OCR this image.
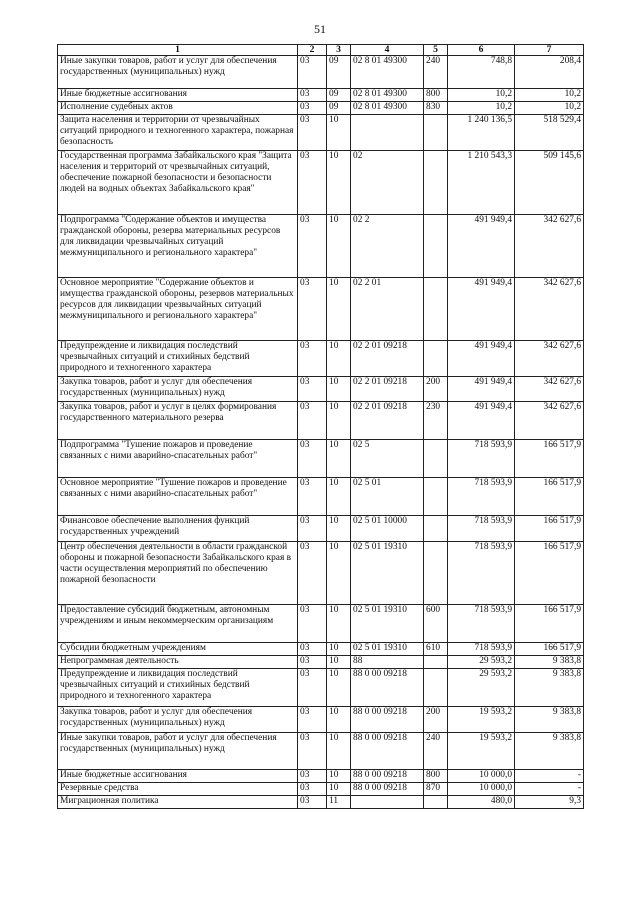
51
1	2	3	4	5	6	7
Иные закупки товаров, работ и услуг для обеспечения государственных (муниципальных) нужд	03	09	02 8 01 49300	240	748,8	208,4
Иные бюджетные ассигнования	03	09	02 8 01 49300	800	10,2	10,2
Исполнение судебных актов	03	09	02 8 01 49300	830	10,2	10,2
Защита населения и территории от чрезвычайных ситуаций природного и техногенного характера, пожарная безопасность	03	10			1 240 136,5	518 529,4
Государственная программа Забайкальского края "Защита населения и территорий от чрезвычайных ситуаций, обеспечение пожарной безопасности и безопасности людей на водных объектах Забайкальского края"	03	10	02		1 210 543,3	509 145,6
Подпрограмма "Содержание объектов и имущества гражданской обороны, резерва материальных ресурсов для ликвидации чрезвычайных ситуаций межмуниципального и регионального характера"	03	10	02 2		491 949,4	342 627,6
Основное мероприятие "Содержание объектов и имущества гражданской обороны, резервов материальных ресурсов для ликвидации чрезвычайных ситуаций межмуниципального и регионального характера"	03	10	02 2 01		491 949,4	342 627,6
Предупреждение и ликвидация последствий чрезвычайных ситуаций и стихийных бедствий природного и техногенного характера	03	10	02 2 01 09218		491 949,4	342 627,6
Закупка товаров, работ и услуг для обеспечения государственных (муниципальных) нужд	03	10	02 2 01 09218	200	491 949,4	342 627,6
Закупка товаров, работ и услуг в целях формирования государственного материального резерва	03	10	02 2 01 09218	230	491 949,4	342 627,6
Подпрограмма "Тушение пожаров и проведение связанных с ними аварийно-спасательных работ"	03	10	02 5		718 593,9	166 517,9
Основное мероприятие "Тушение пожаров и проведение связанных с ними аварийно-спасательных работ"	03	10	02 5 01		718 593,9	166 517,9
Финансовое обеспечение выполнения функций государственных учреждений	03	10	02 5 01 10000		718 593,9	166 517,9
Центр обеспечения деятельности в области гражданской обороны и пожарной безопасности Забайкальского края в части осуществления мероприятий по обеспечению пожарной безопасности	03	10	02 5 01 19310		718 593,9	166 517,9
Предоставление субсидий бюджетным, автономным учреждениям и иным некоммерческим организациям	03	10	02 5 01 19310	600	718 593,9	166 517,9
Субсидии бюджетным учреждениям	03	10	02 5 01 19310	610	718 593,9	166 517,9
Непрограммная деятельность	03	10	88		29 593,2	9 383,8
Предупреждение и ликвидация последствий чрезвычайных ситуаций и стихийных бедствий природного и техногенного характера	03	10	88 0 00 09218		29 593,2	9 383,8
Закупка товаров, работ и услуг для обеспечения государственных (муниципальных) нужд	03	10	88 0 00 09218	200	19 593,2	9 383,8
Иные закупки товаров, работ и услуг для обеспечения государственных (муниципальных) нужд	03	10	88 0 00 09218	240	19 593,2	9 383,8
Иные бюджетные ассигнования	03	10	88 0 00 09218	800	10 000,0	-
Резервные средства	03	10	88 0 00 09218	870	10 000,0	-
Миграционная политика	03	11			480,0	9,3
